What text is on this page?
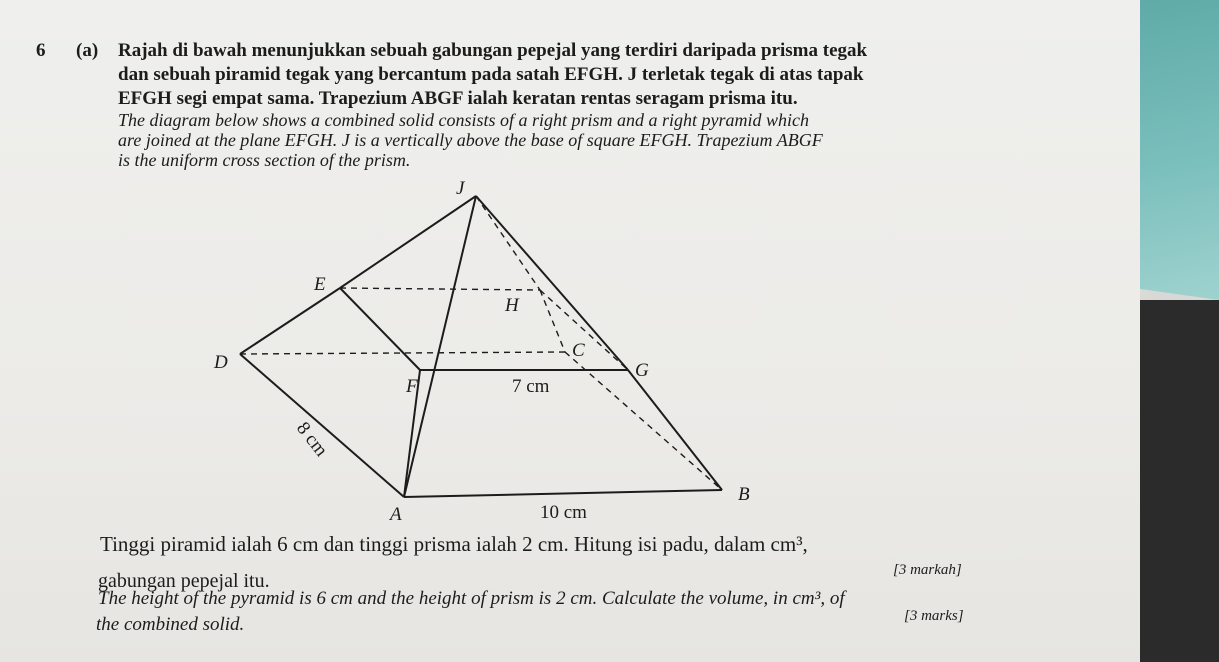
6 (a) Rajah di bawah menunjukkan sebuah gabungan pepejal yang terdiri daripada prisma tegak
dan sebuah piramid tegak yang bercantum pada satah EFGH. J terletak tegak di atas tapak
EFGH segi empat sama. Trapezium ABGF ialah keratan rentas seragam prisma itu.
The diagram below shows a combined solid consists of a right prism and a right pyramid which
are joined at the plane EFGH. J is a vertically above the base of square EFGH. Trapezium ABGF
is the uniform cross section of the prism.
J
E
H
D
C
F
G
A
B
7 cm
10 cm
8 cm
Tinggi piramid ialah 6 cm dan tinggi prisma ialah 2 cm. Hitung isi padu, dalam cm³,
gabungan pepejal itu.	[3 markah]
The height of the pyramid is 6 cm and the height of prism is 2 cm. Calculate the volume, in cm³, of
the combined solid.	[3 marks]
